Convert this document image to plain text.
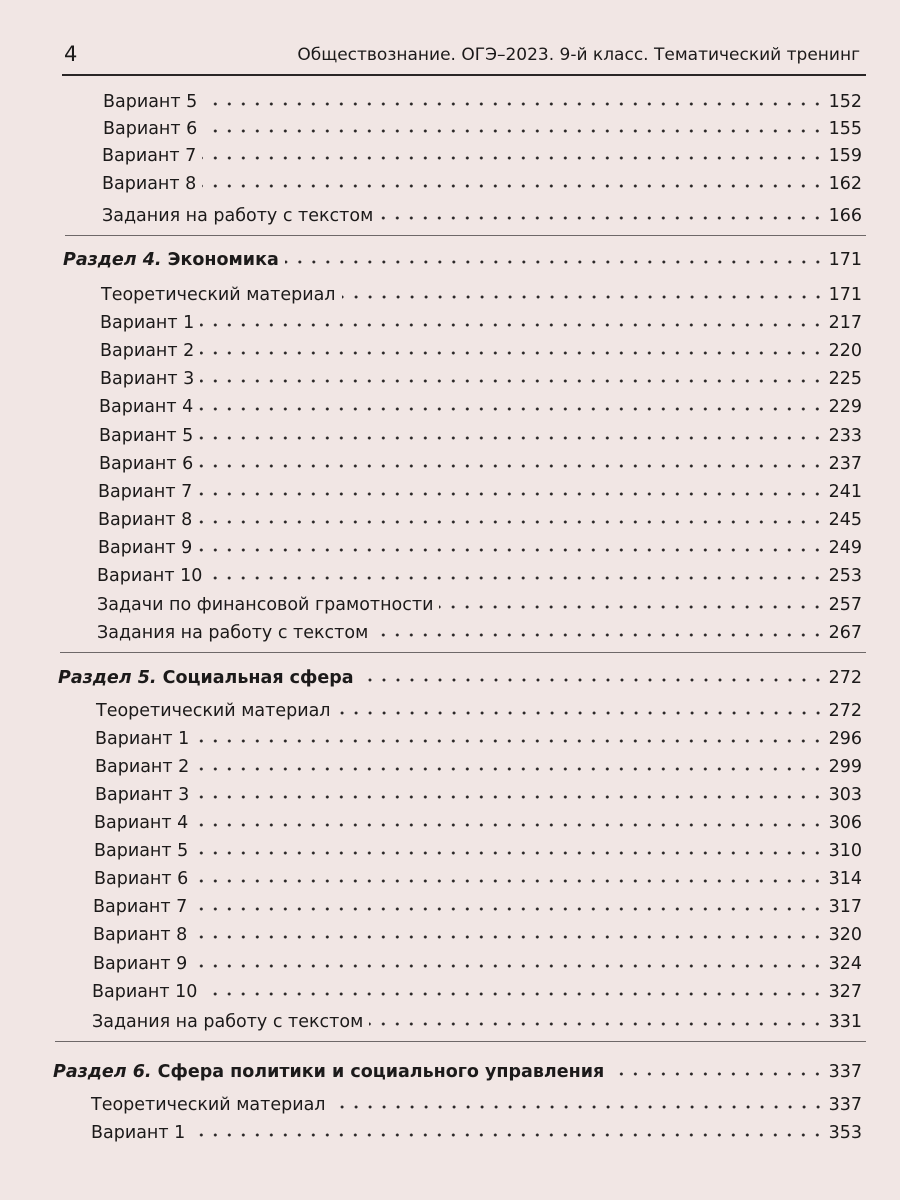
4	Обществознание. ОГЭ–2023. 9-й класс. Тематический тренинг
Вариант 5	152
Вариант 6	155
Вариант 7	159
Вариант 8	162
Задания на работу с текстом	166
Раздел 4. Экономика	171
Теоретический материал	171
Вариант 1	217
Вариант 2	220
Вариант 3	225
Вариант 4	229
Вариант 5	233
Вариант 6	237
Вариант 7	241
Вариант 8	245
Вариант 9	249
Вариант 10	253
Задачи по финансовой грамотности	257
Задания на работу с текстом	267
Раздел 5. Социальная сфера	272
Теоретический материал	272
Вариант 1	296
Вариант 2	299
Вариант 3	303
Вариант 4	306
Вариант 5	310
Вариант 6	314
Вариант 7	317
Вариант 8	320
Вариант 9	324
Вариант 10	327
Задания на работу с текстом	331
Раздел 6. Сфера политики и социального управления	337
Теоретический материал	337
Вариант 1	353
